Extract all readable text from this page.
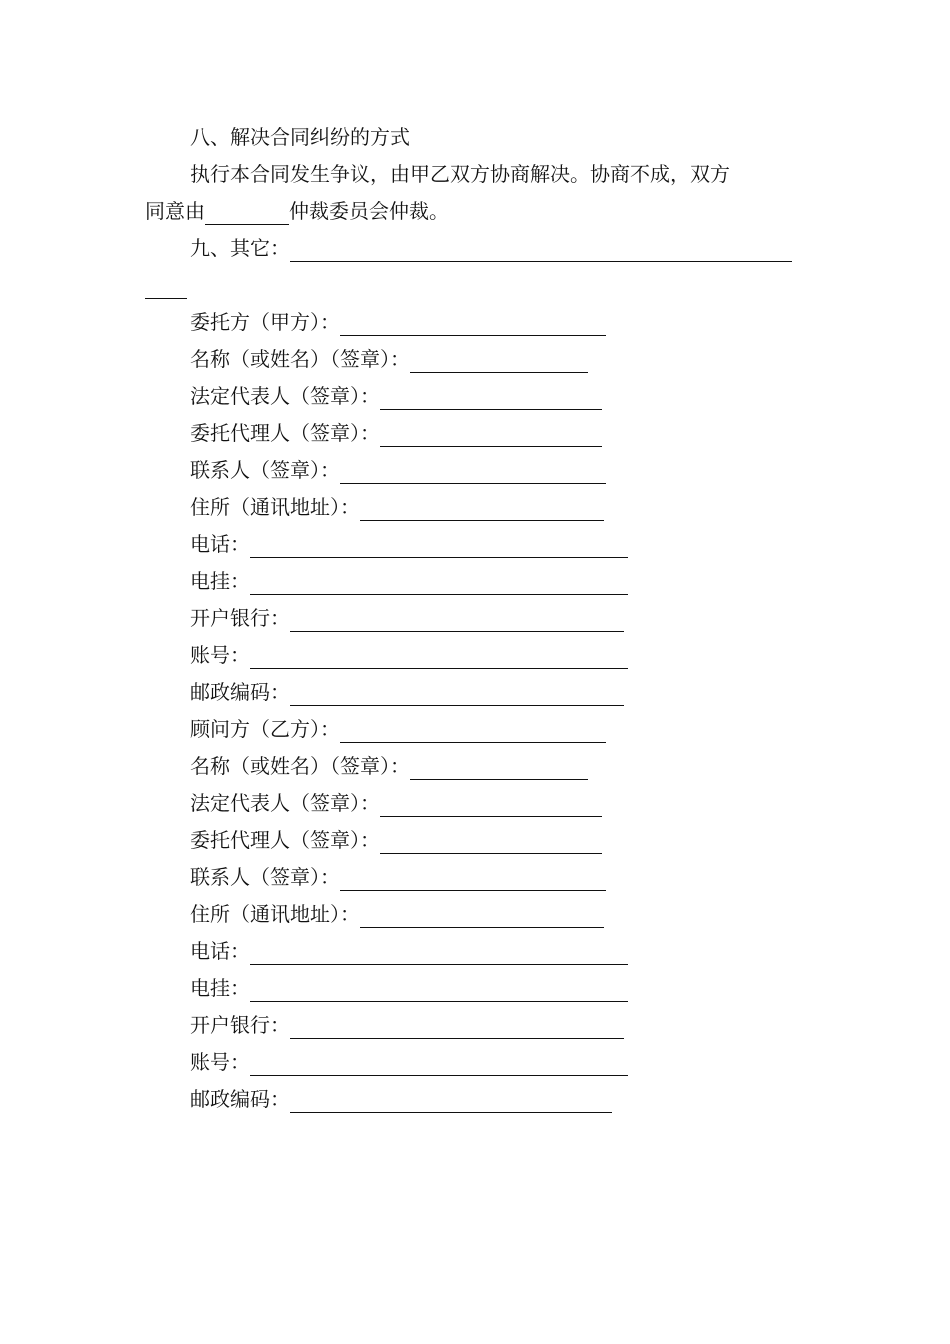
八、解决合同纠纷的方式
执行本合同发生争议，由甲乙双方协商解决。协商不成，双方
同意由	仲裁委员会仲裁。
九、其它：
委托方（甲方）：
名称（或姓名）（签章）：
法定代表人（签章）：
委托代理人（签章）：
联系人（签章）：
住所（通讯地址）：
电话：
电挂：
开户银行：
账号：
邮政编码：
顾问方（乙方）：
名称（或姓名）（签章）：
法定代表人（签章）：
委托代理人（签章）：
联系人（签章）：
住所（通讯地址）：
电话：
电挂：
开户银行：
账号：
邮政编码：
